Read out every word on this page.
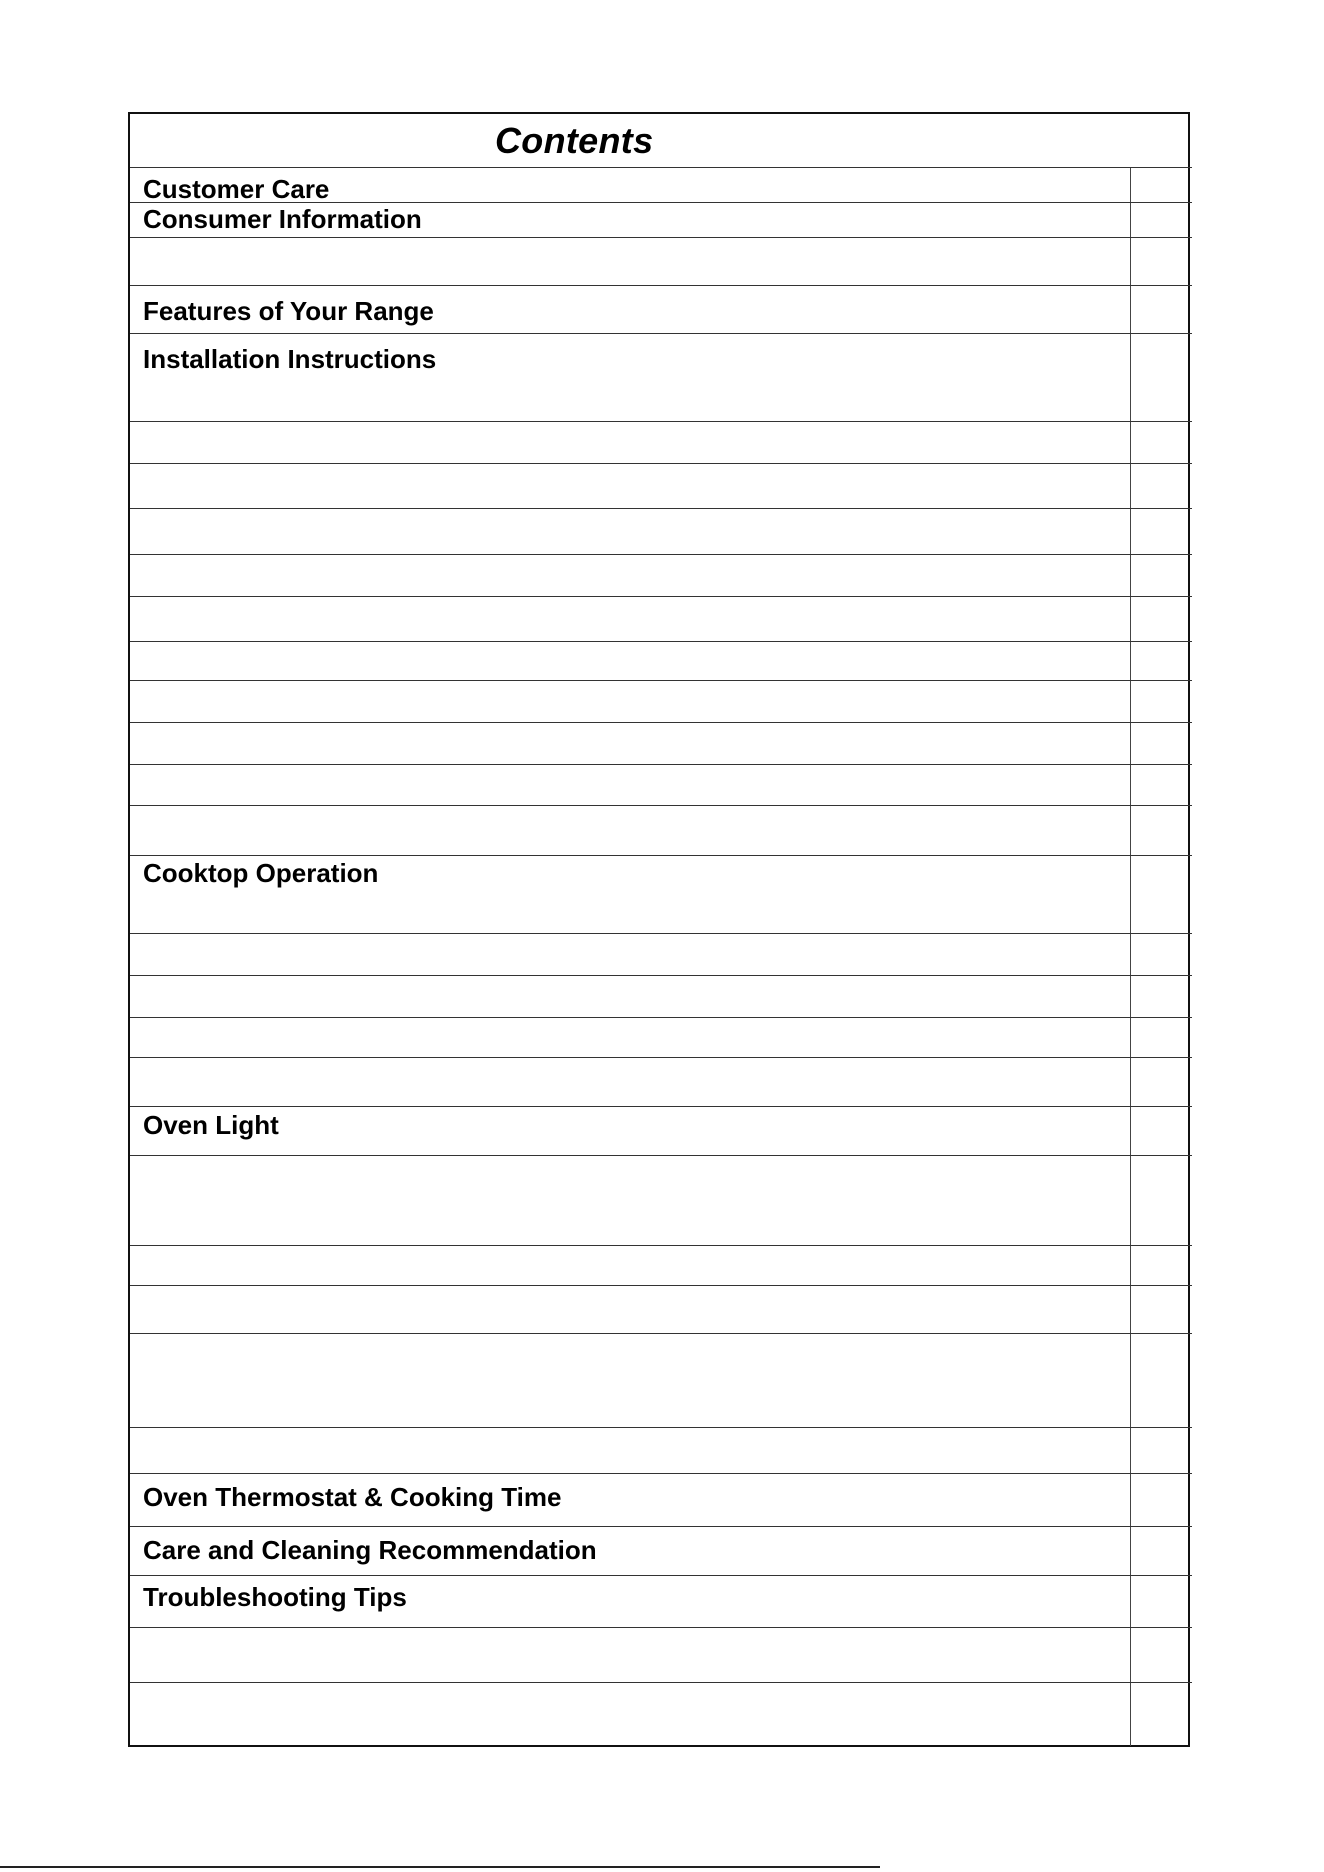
Contents
Customer Care
Consumer Information
Features of Your Range
Installation Instructions
Cooktop Operation
Oven Light
Oven Thermostat & Cooking Time
Care and Cleaning Recommendation
Troubleshooting Tips
